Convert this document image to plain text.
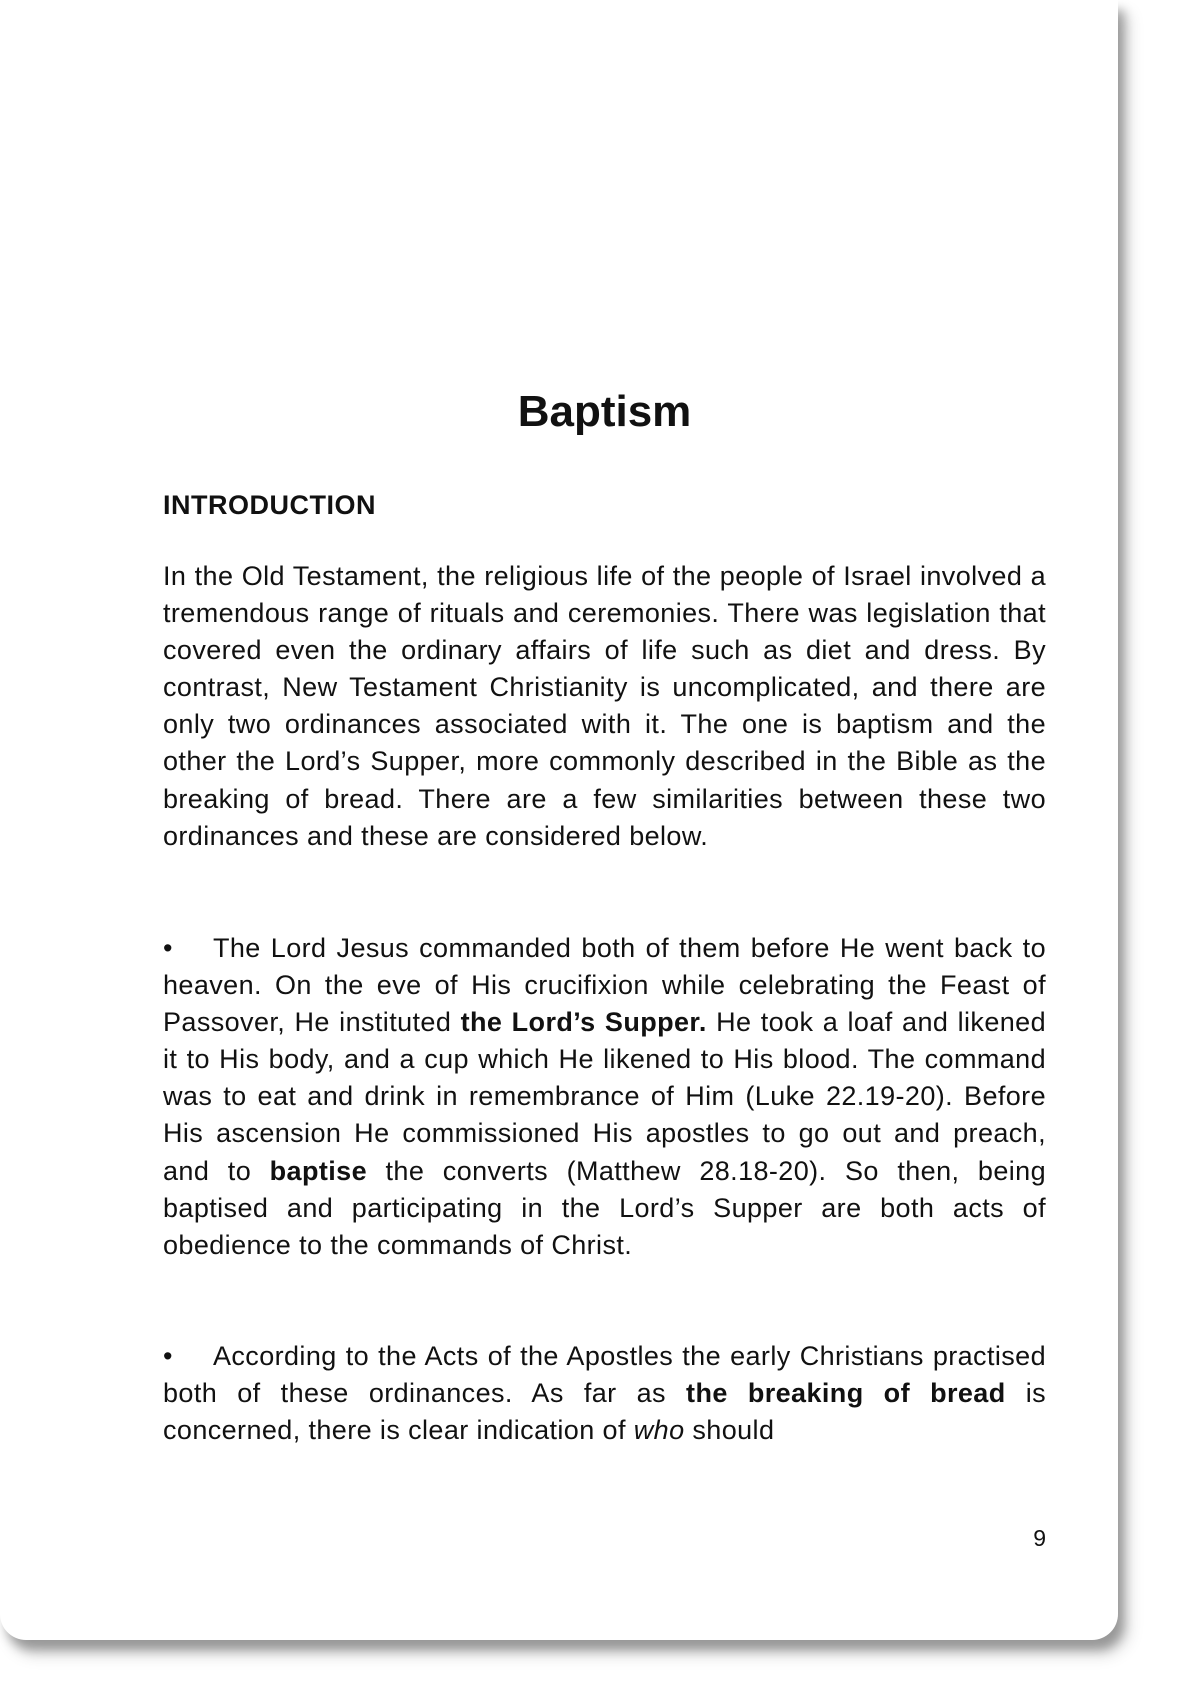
Baptism
INTRODUCTION

In the Old Testament, the religious life of the people of Israel involved a tremendous range of rituals and ceremonies. There was legislation that covered even the ordinary affairs of life such as diet and dress. By contrast, New Testament Christianity is uncomplicated, and there are only two ordinances associated with it. The one is baptism and the other the Lord’s Supper, more commonly described in the Bible as the breaking of bread. There are a few similarities between these two ordinances and these are considered below.

• The Lord Jesus commanded both of them before He went back to heaven. On the eve of His crucifixion while celebrating the Feast of Passover, He instituted the Lord’s Supper. He took a loaf and likened it to His body, and a cup which He likened to His blood. The command was to eat and drink in remembrance of Him (Luke 22.19-20). Before His ascension He commissioned His apostles to go out and preach, and to baptise the converts (Matthew 28.18-20). So then, being baptised and participating in the Lord’s Supper are both acts of obedience to the commands of Christ.

• According to the Acts of the Apostles the early Christians practised both of these ordinances. As far as the breaking of bread is concerned, there is clear indication of who should

9
